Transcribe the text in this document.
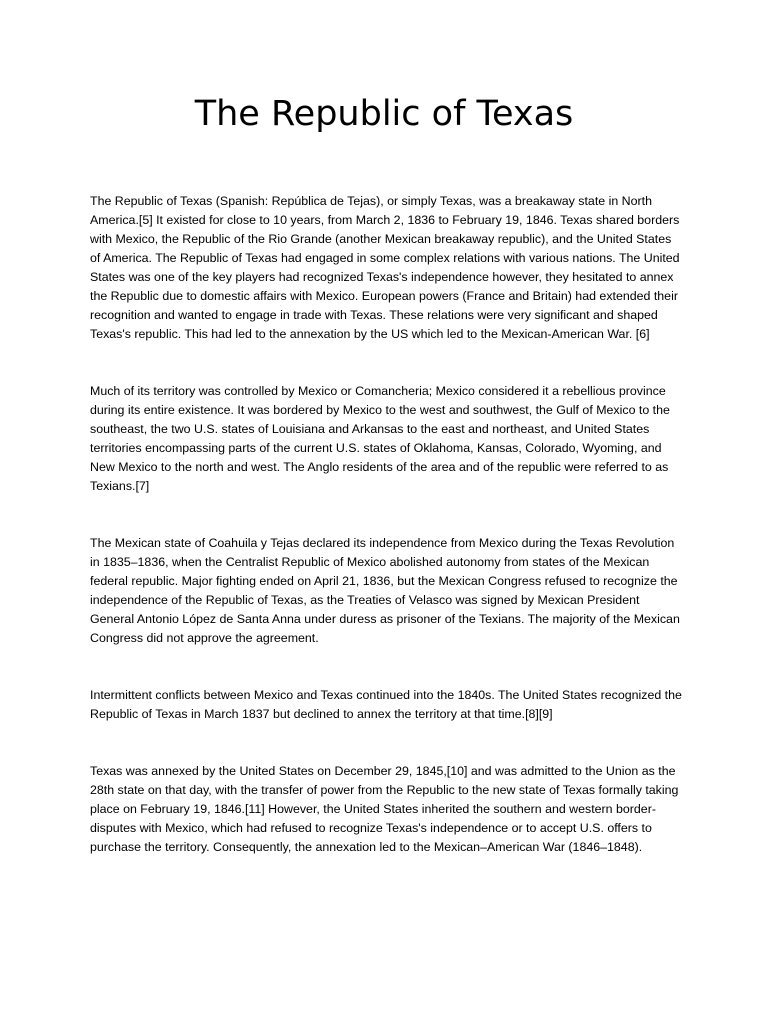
The Republic of Texas

The Republic of Texas (Spanish: República de Tejas), or simply Texas, was a breakaway state in North America.[5] It existed for close to 10 years, from March 2, 1836 to February 19, 1846. Texas shared borders with Mexico, the Republic of the Rio Grande (another Mexican breakaway republic), and the United States of America. The Republic of Texas had engaged in some complex relations with various nations. The United States was one of the key players had recognized Texas's independence however, they hesitated to annex the Republic due to domestic affairs with Mexico. European powers (France and Britain) had extended their recognition and wanted to engage in trade with Texas. These relations were very significant and shaped Texas's republic. This had led to the annexation by the US which led to the Mexican-American War. [6]

Much of its territory was controlled by Mexico or Comancheria; Mexico considered it a rebellious province during its entire existence. It was bordered by Mexico to the west and southwest, the Gulf of Mexico to the southeast, the two U.S. states of Louisiana and Arkansas to the east and northeast, and United States territories encompassing parts of the current U.S. states of Oklahoma, Kansas, Colorado, Wyoming, and New Mexico to the north and west. The Anglo residents of the area and of the republic were referred to as Texians.[7]

The Mexican state of Coahuila y Tejas declared its independence from Mexico during the Texas Revolution in 1835–1836, when the Centralist Republic of Mexico abolished autonomy from states of the Mexican federal republic. Major fighting ended on April 21, 1836, but the Mexican Congress refused to recognize the independence of the Republic of Texas, as the Treaties of Velasco was signed by Mexican President General Antonio López de Santa Anna under duress as prisoner of the Texians. The majority of the Mexican Congress did not approve the agreement.

Intermittent conflicts between Mexico and Texas continued into the 1840s. The United States recognized the Republic of Texas in March 1837 but declined to annex the territory at that time.[8][9]

Texas was annexed by the United States on December 29, 1845,[10] and was admitted to the Union as the 28th state on that day, with the transfer of power from the Republic to the new state of Texas formally taking place on February 19, 1846.[11] However, the United States inherited the southern and western border-disputes with Mexico, which had refused to recognize Texas's independence or to accept U.S. offers to purchase the territory. Consequently, the annexation led to the Mexican–American War (1846–1848).
